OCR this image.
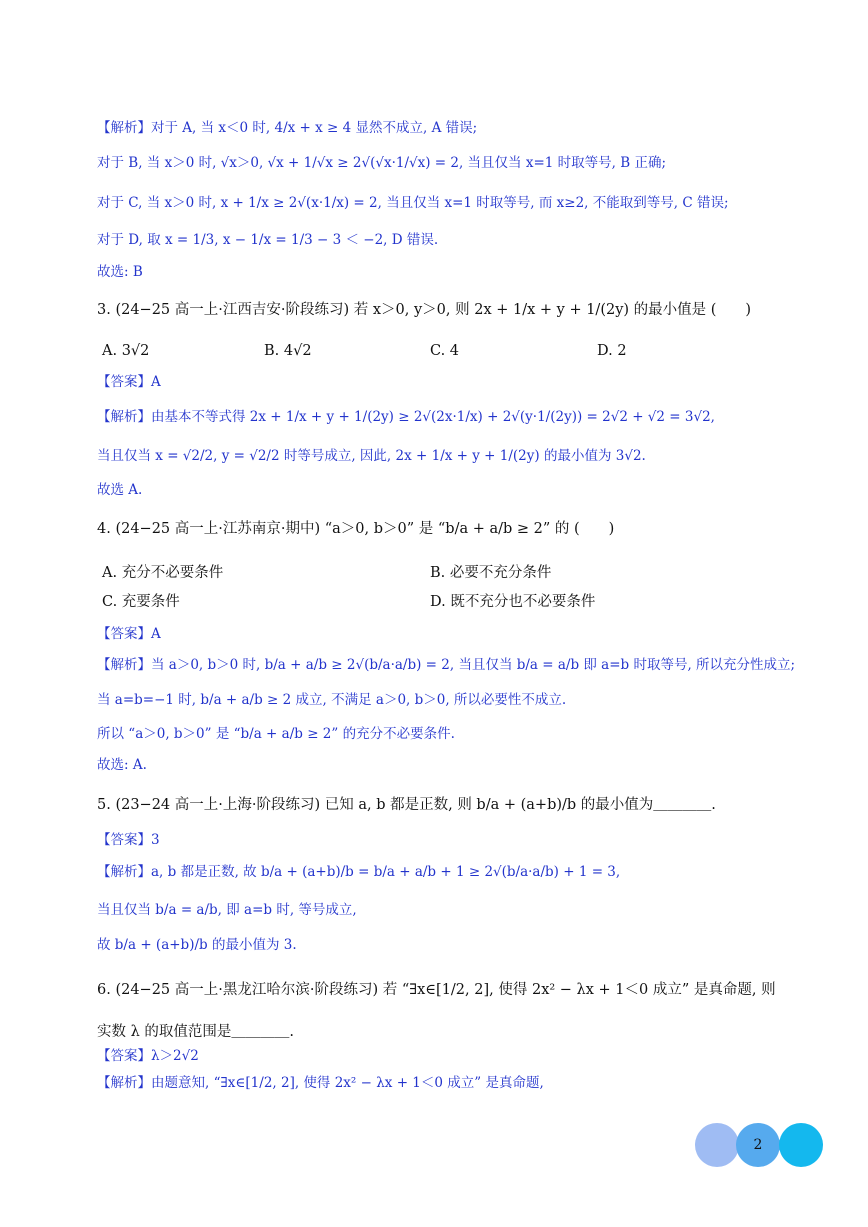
【解析】对于 A, 当 x＜0 时, 4/x + x ≥ 4 显然不成立, A 错误;
对于 B, 当 x＞0 时, √x＞0, √x + 1/√x ≥ 2√(√x·1/√x) = 2, 当且仅当 x=1 时取等号, B 正确;
对于 C, 当 x＞0 时, x + 1/x ≥ 2√(x·1/x) = 2, 当且仅当 x=1 时取等号, 而 x≥2, 不能取到等号, C 错误;
对于 D, 取 x = 1/3, x − 1/x = 1/3 − 3 ＜ −2, D 错误.
故选: B
3. (24−25 高一上·江西吉安·阶段练习) 若 x＞0, y＞0, 则 2x + 1/x + y + 1/(2y) 的最小值是 (　　)
【答案】A
【解析】由基本不等式得 2x + 1/x + y + 1/(2y) ≥ 2√(2x·1/x) + 2√(y·1/(2y)) = 2√2 + √2 = 3√2,
当且仅当 x = √2/2, y = √2/2 时等号成立, 因此, 2x + 1/x + y + 1/(2y) 的最小值为 3√2.
故选 A.
4. (24−25 高一上·江苏南京·期中) “a＞0, b＞0” 是 “b/a + a/b ≥ 2” 的 (　　)
【答案】A
【解析】当 a＞0, b＞0 时, b/a + a/b ≥ 2√(b/a·a/b) = 2, 当且仅当 b/a = a/b 即 a=b 时取等号, 所以充分性成立;
当 a=b=−1 时, b/a + a/b ≥ 2 成立, 不满足 a＞0, b＞0, 所以必要性不成立.
所以 “a＞0, b＞0” 是 “b/a + a/b ≥ 2” 的充分不必要条件.
故选: A.
5. (23−24 高一上·上海·阶段练习) 已知 a, b 都是正数, 则 b/a + (a+b)/b 的最小值为＿＿＿＿.
【答案】3
【解析】a, b 都是正数, 故 b/a + (a+b)/b = b/a + a/b + 1 ≥ 2√(b/a·a/b) + 1 = 3,
当且仅当 b/a = a/b, 即 a=b 时, 等号成立,
故 b/a + (a+b)/b 的最小值为 3.
6. (24−25 高一上·黑龙江哈尔滨·阶段练习) 若 “∃x∈[1/2, 2], 使得 2x² − λx + 1＜0 成立” 是真命题, 则
实数 λ 的取值范围是＿＿＿＿.
【答案】λ＞2√2
【解析】由题意知, “∃x∈[1/2, 2], 使得 2x² − λx + 1＜0 成立” 是真命题,
A. 3√2	B. 4√2	C. 4	D. 2
A. 充分不必要条件	B. 必要不充分条件
C. 充要条件	D. 既不充分也不必要条件
2
